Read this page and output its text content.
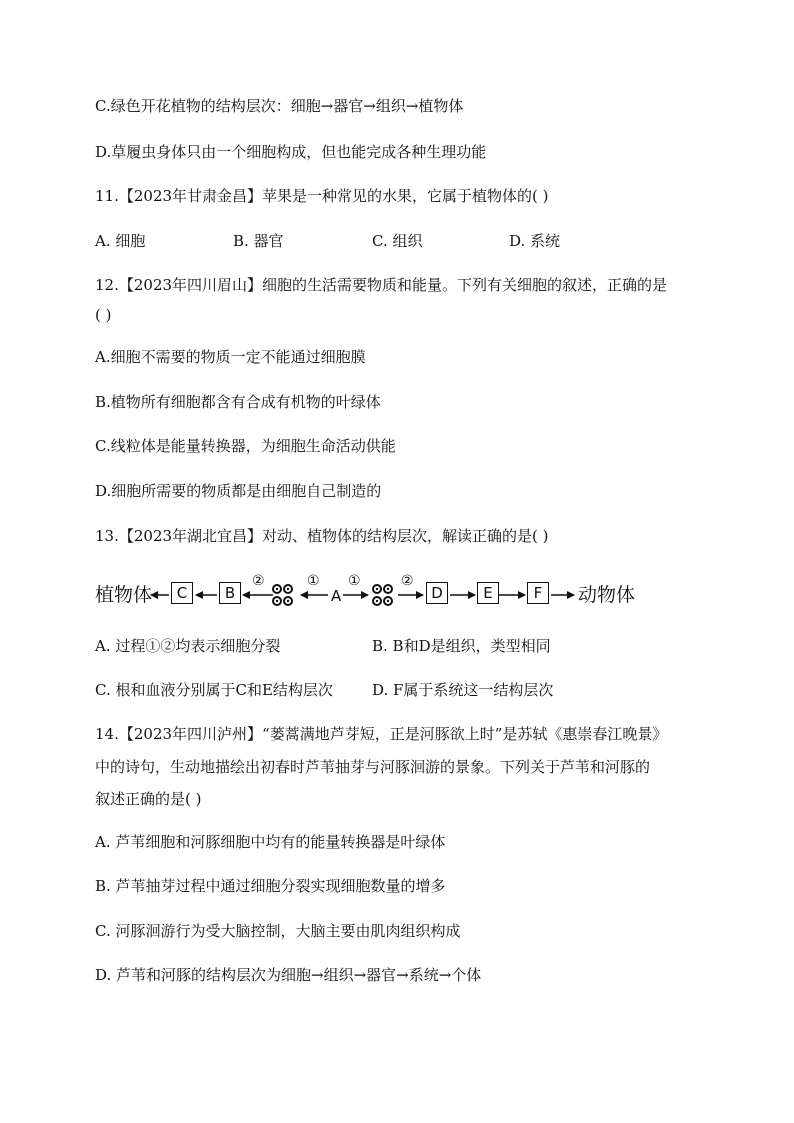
C.绿色开花植物的结构层次：细胞→器官→组织→植物体
D.草履虫身体只由一个细胞构成，但也能完成各种生理功能
11.【2023年甘肃金昌】苹果是一种常见的水果，它属于植物体的( )
A. 细胞	B. 器官	C. 组织	D. 系统
12.【2023年四川眉山】细胞的生活需要物质和能量。下列有关细胞的叙述，正确的是
( )
A.细胞不需要的物质一定不能通过细胞膜
B.植物所有细胞都含有合成有机物的叶绿体
C.线粒体是能量转换器，为细胞生命活动供能
D.细胞所需要的物质都是由细胞自己制造的
13.【2023年湖北宜昌】对动、植物体的结构层次，解读正确的是( )
植物体	C	B
②	①
A
①	②
D	E	F	动物体
A. 过程①②均表示细胞分裂	B. B和D是组织，类型相同
C. 根和血液分别属于C和E结构层次	D. F属于系统这一结构层次
14.【2023年四川泸州】“蒌蒿满地芦芽短，正是河豚欲上时”是苏轼《惠崇春江晚景》
中的诗句，生动地描绘出初春时芦苇抽芽与河豚洄游的景象。下列关于芦苇和河豚的
叙述正确的是( )
A. 芦苇细胞和河豚细胞中均有的能量转换器是叶绿体
B. 芦苇抽芽过程中通过细胞分裂实现细胞数量的增多
C. 河豚洄游行为受大脑控制，大脑主要由肌肉组织构成
D. 芦苇和河豚的结构层次为细胞→组织→器官→系统→个体
